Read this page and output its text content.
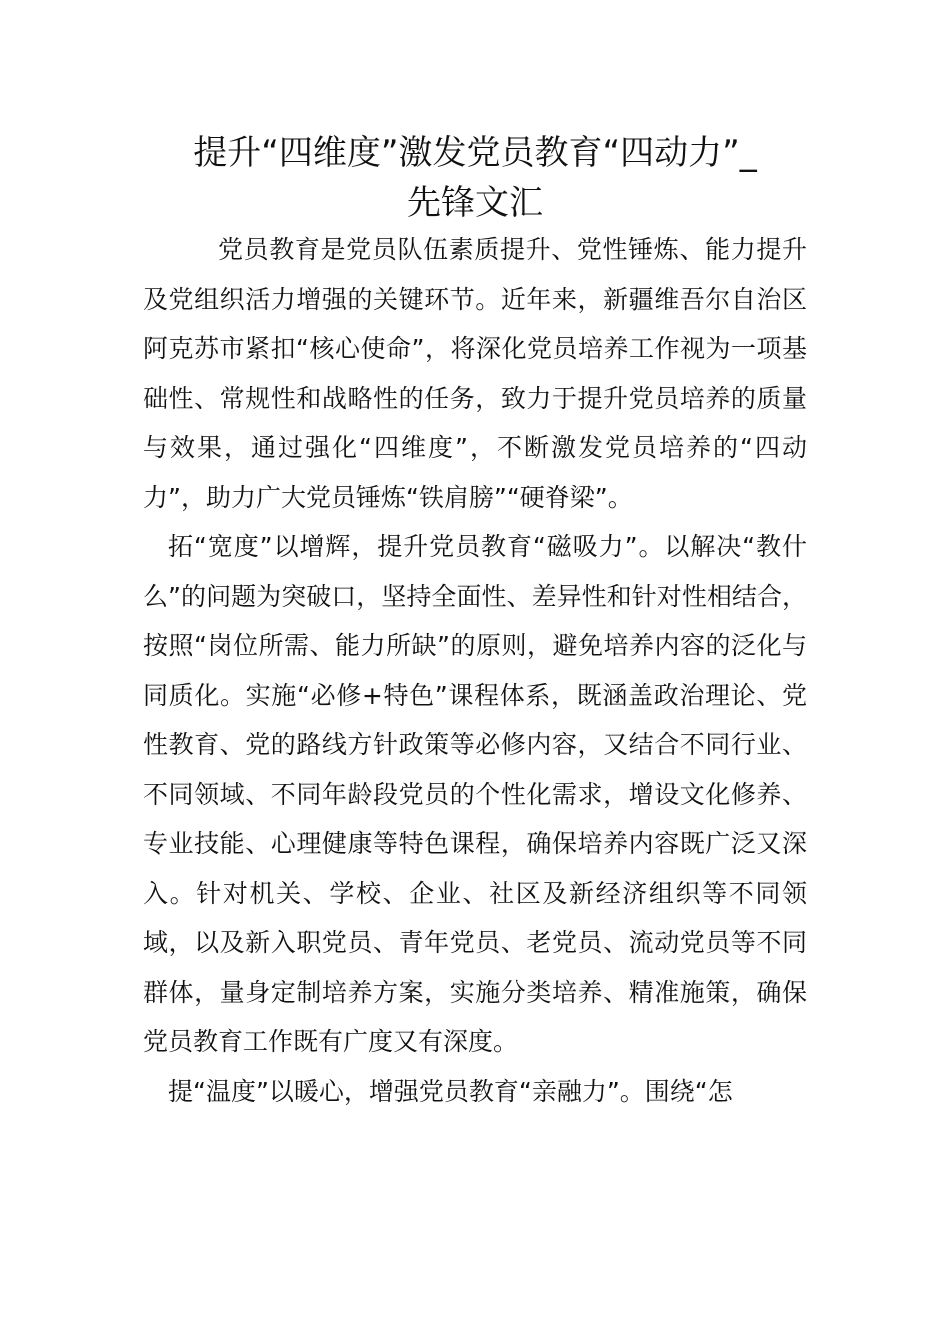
提升“四维度”激发党员教育“四动力”_
先锋文汇

党员教育是党员队伍素质提升、党性锤炼、能力提升及党组织活力增强的关键环节。近年来，新疆维吾尔自治区阿克苏市紧扣“核心使命”，将深化党员培养工作视为一项基础性、常规性和战略性的任务，致力于提升党员培养的质量与效果，通过强化“四维度”，不断激发党员培养的“四动力”，助力广大党员锤炼“铁肩膀”“硬脊梁”。

拓“宽度”以增辉，提升党员教育“磁吸力”。以解决“教什么”的问题为突破口，坚持全面性、差异性和针对性相结合，按照“岗位所需、能力所缺”的原则，避免培养内容的泛化与同质化。实施“必修+特色”课程体系，既涵盖政治理论、党性教育、党的路线方针政策等必修内容，又结合不同行业、不同领域、不同年龄段党员的个性化需求，增设文化修养、专业技能、心理健康等特色课程，确保培养内容既广泛又深入。针对机关、学校、企业、社区及新经济组织等不同领域，以及新入职党员、青年党员、老党员、流动党员等不同群体，量身定制培养方案，实施分类培养、精准施策，确保党员教育工作既有广度又有深度。

提“温度”以暖心，增强党员教育“亲融力”。围绕“怎
